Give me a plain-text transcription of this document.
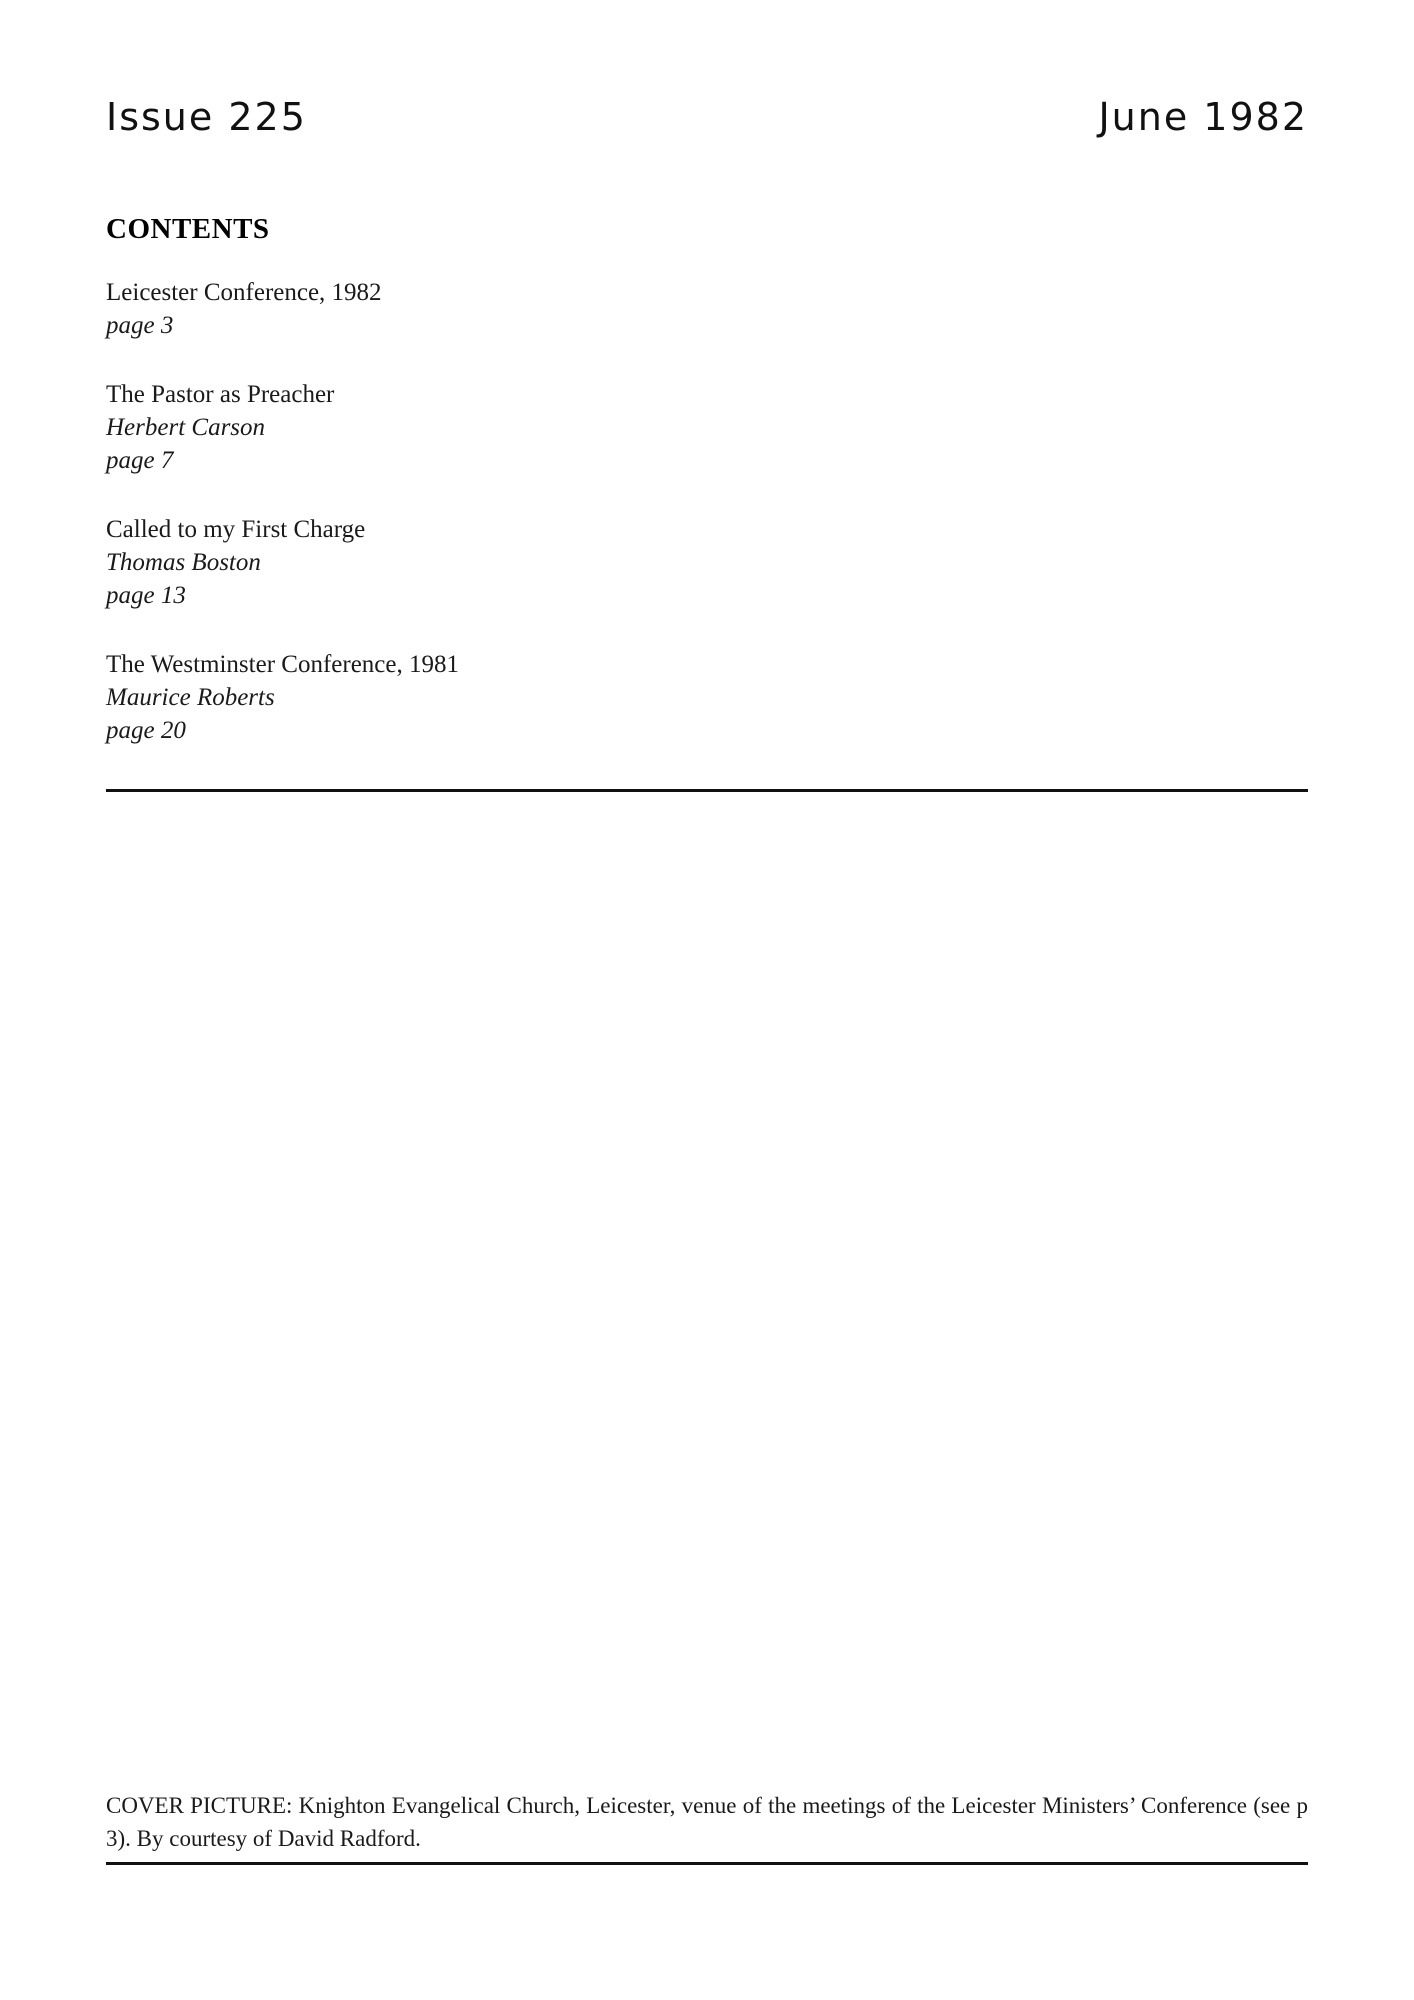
Issue 225	June 1982
CONTENTS
Leicester Conference, 1982
page 3
The Pastor as Preacher
Herbert Carson
page 7
Called to my First Charge
Thomas Boston
page 13
The Westminster Conference, 1981
Maurice Roberts
page 20
COVER PICTURE: Knighton Evangelical Church, Leicester, venue of the meetings of the Leicester Ministers’ Conference (see p 3). By courtesy of David Radford.
